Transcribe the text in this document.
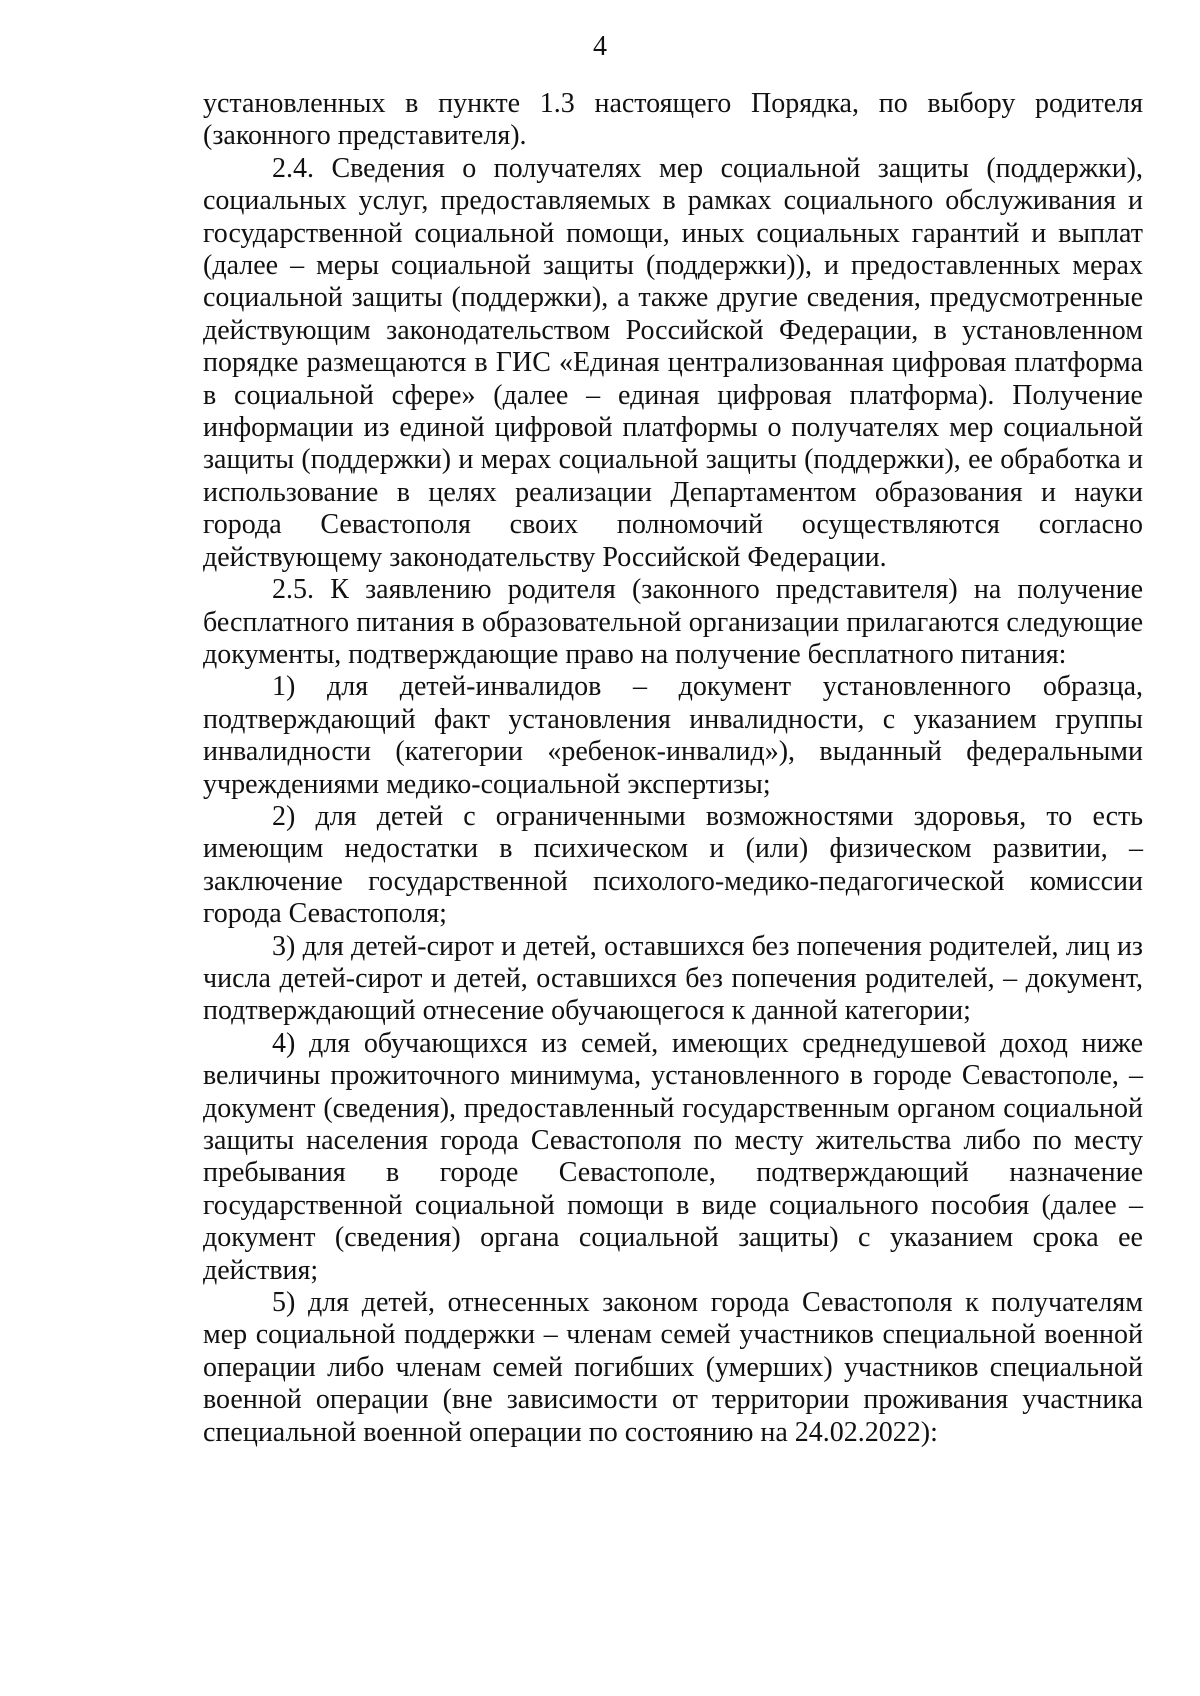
4

установленных в пункте 1.3 настоящего Порядка, по выбору родителя (законного представителя).

2.4. Сведения о получателях мер социальной защиты (поддержки), социальных услуг, предоставляемых в рамках социального обслуживания и государственной социальной помощи, иных социальных гарантий и выплат (далее – меры социальной защиты (поддержки)), и предоставленных мерах социальной защиты (поддержки), а также другие сведения, предусмотренные действующим законодательством Российской Федерации, в установленном порядке размещаются в ГИС «Единая централизованная цифровая платформа в социальной сфере» (далее – единая цифровая платформа). Получение информации из единой цифровой платформы о получателях мер социальной защиты (поддержки) и мерах социальной защиты (поддержки), ее обработка и использование в целях реализации Департаментом образования и науки города Севастополя своих полномочий осуществляются согласно действующему законодательству Российской Федерации.

2.5. К заявлению родителя (законного представителя) на получение бесплатного питания в образовательной организации прилагаются следующие документы, подтверждающие право на получение бесплатного питания:

1) для детей-инвалидов – документ установленного образца, подтверждающий факт установления инвалидности, с указанием группы инвалидности (категории «ребенок-инвалид»), выданный федеральными учреждениями медико-социальной экспертизы;

2) для детей с ограниченными возможностями здоровья, то есть имеющим недостатки в психическом и (или) физическом развитии, – заключение государственной психолого-медико-педагогической комиссии города Севастополя;

3) для детей-сирот и детей, оставшихся без попечения родителей, лиц из числа детей-сирот и детей, оставшихся без попечения родителей, – документ, подтверждающий отнесение обучающегося к данной категории;

4) для обучающихся из семей, имеющих среднедушевой доход ниже величины прожиточного минимума, установленного в городе Севастополе, – документ (сведения), предоставленный государственным органом социальной защиты населения города Севастополя по месту жительства либо по месту пребывания в городе Севастополе, подтверждающий назначение государственной социальной помощи в виде социального пособия (далее – документ (сведения) органа социальной защиты) с указанием срока ее действия;

5) для детей, отнесенных законом города Севастополя к получателям мер социальной поддержки – членам семей участников специальной военной операции либо членам семей погибших (умерших) участников специальной военной операции (вне зависимости от территории проживания участника специальной военной операции по состоянию на 24.02.2022):
